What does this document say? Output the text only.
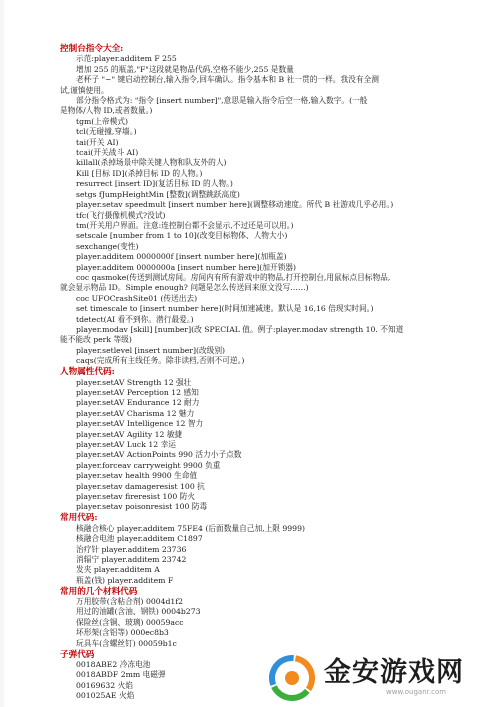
控制台指令大全:
示范:player.additem F 255
增加 255 的瓶盖,"F"这段就是物品代码,空格不能少,255 是数量
老杯子 "~" 键启动控制台,输入指令,回车确认。指令基本和 B 社一贯的一样。我没有全测
试,谨慎使用。
部分指令格式为: "指令 [insert number]",意思是输入指令后空一格,输入数字。(一般
是物体/人物 ID,或者数量。)
tgm(上帝模式)
tcl(无碰撞,穿墙。)
tai(开关 AI)
tcai(开关战斗 AI)
killall(杀掉场景中除关键人物和队友外的人)
Kill [目标 ID](杀掉目标 ID 的人物。)
resurrect [insert ID](复活目标 ID 的人物。)
setgs fJumpHeightMin [整数](调整跳跃高度)
player.setav speedmult [insert number here](调整移动速度。所代 B 社游戏几乎必用。)
tfc(飞行摄像机模式?没试)
tm(开关用户界面。注意:连控制台都不会显示,不过还是可以用。)
setscale [number from 1 to 10](改变目标物体、人物大小)
sexchange(变性)
player.additem 0000000f [insert number here](加瓶盖)
player.additem 0000000a [insert number here](加开锁器)
coc qasmoke(传送到测试房间。房间内有所有游戏中的物品,打开控制台,用鼠标点目标物品,
就会显示物品 ID。Simple enough? 问题是怎么传送回来原文没写……)
coc UFOCrashSite01 (传送出去)
set timescale to [insert number here](时间加速减速。默认是 16,16 倍现实时间。)
tdetect(AI 看不到你。潜行最爱。)
player.modav [skill] [number](改 SPECIAL 值。例子:player.modav strength 10. 不知道
能不能改 perk 等级)
player.setlevel [insert number](改级别)
caqs(完成所有主线任务。除非读档,否则不可逆。)
人物属性代码:
player.setAV Strength 12 强壮
player.setAV Perception 12 感知
player.setAV Endurance 12 耐力
player.setAV Charisma 12 魅力
player.setAV Intelligence 12 智力
player.setAV Agility 12 敏捷
player.setAV Luck 12 幸运
player.setAV ActionPoints 990 活力小子点数
player.forceav carryweight 9900 负重
player.setav health 9900 生命值
player.setav damageresist 100 抗
player.setav fireresist 100 防火
player.setav poisonresist 100 防毒
常用代码:
核融合核心 player.additem 75FE4 (后面数量自己加,上限 9999)
核融合电池 player.additem C1897
治疗针 player.additem 23736
消辐宁 player.additem 23742
发夹 player.additem A
瓶盖(钱) player.additem F
常用的几个材料代码
万用胶带(含粘合剂) 0004d1f2
用过的油罐(含油、钢铁) 0004b273
保险丝(含铜、玻璃) 00059acc
坏形架(含铝等) 000ec8b3
玩具车(含螺丝钉) 00059b1c
子弹代码
0018ABE2 冷冻电池
0018ABDF 2mm 电磁弹
00169632 火焰
001025AE 火焰
金安游戏网
www.ouganr.com
